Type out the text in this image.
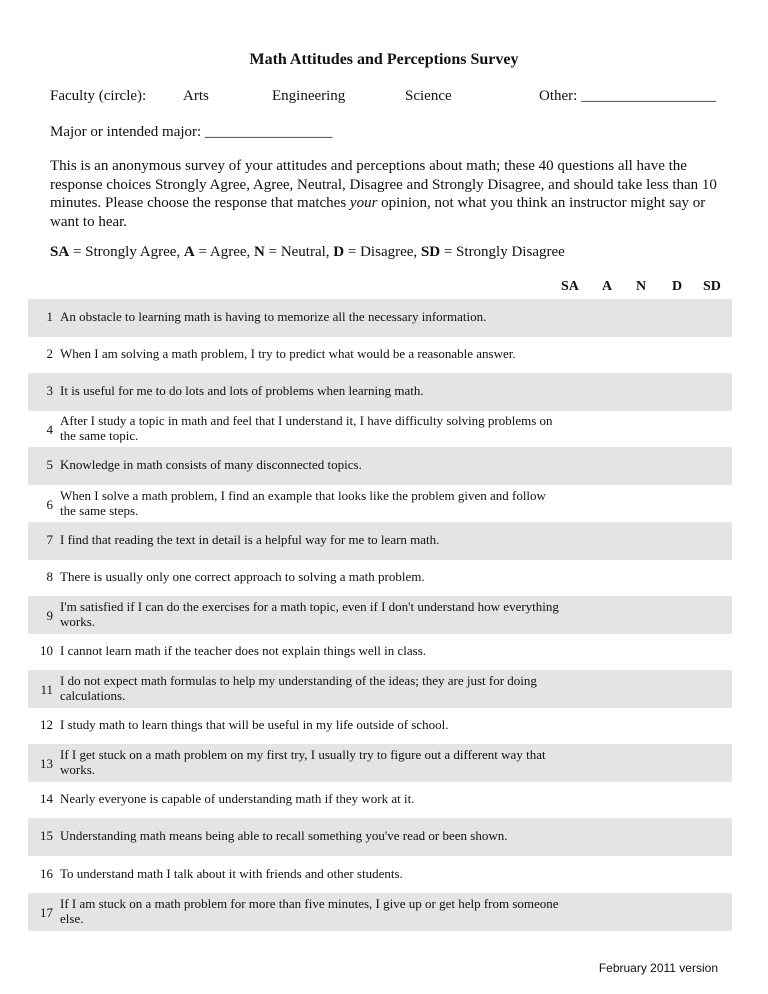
Math Attitudes and Perceptions Survey
Faculty (circle): Arts	Engineering	Science	Other: __________________
Major or intended major: _________________
This is an anonymous survey of your attitudes and perceptions about math; these 40 questions all have the response choices Strongly Agree, Agree, Neutral, Disagree and Strongly Disagree, and should take less than 10 minutes. Please choose the response that matches your opinion, not what you think an instructor might say or want to hear.
SA = Strongly Agree, A = Agree, N = Neutral, D = Disagree, SD = Strongly Disagree
SA A N D SD
1 An obstacle to learning math is having to memorize all the necessary information.
2 When I am solving a math problem, I try to predict what would be a reasonable answer.
3 It is useful for me to do lots and lots of problems when learning math.
4
After I study a topic in math and feel that I understand it, I have difficulty solving problems on the same topic.
5 Knowledge in math consists of many disconnected topics.
6
When I solve a math problem, I find an example that looks like the problem given and follow the same steps.
7 I find that reading the text in detail is a helpful way for me to learn math.
8 There is usually only one correct approach to solving a math problem.
9
I'm satisfied if I can do the exercises for a math topic, even if I don't understand how everything works.
10 I cannot learn math if the teacher does not explain things well in class.
11
I do not expect math formulas to help my understanding of the ideas; they are just for doing calculations.
12 I study math to learn things that will be useful in my life outside of school.
13
If I get stuck on a math problem on my first try, I usually try to figure out a different way that works.
14 Nearly everyone is capable of understanding math if they work at it.
15 Understanding math means being able to recall something you've read or been shown.
16 To understand math I talk about it with friends and other students.
17
If I am stuck on a math problem for more than five minutes, I give up or get help from someone else.
February 2011 version
